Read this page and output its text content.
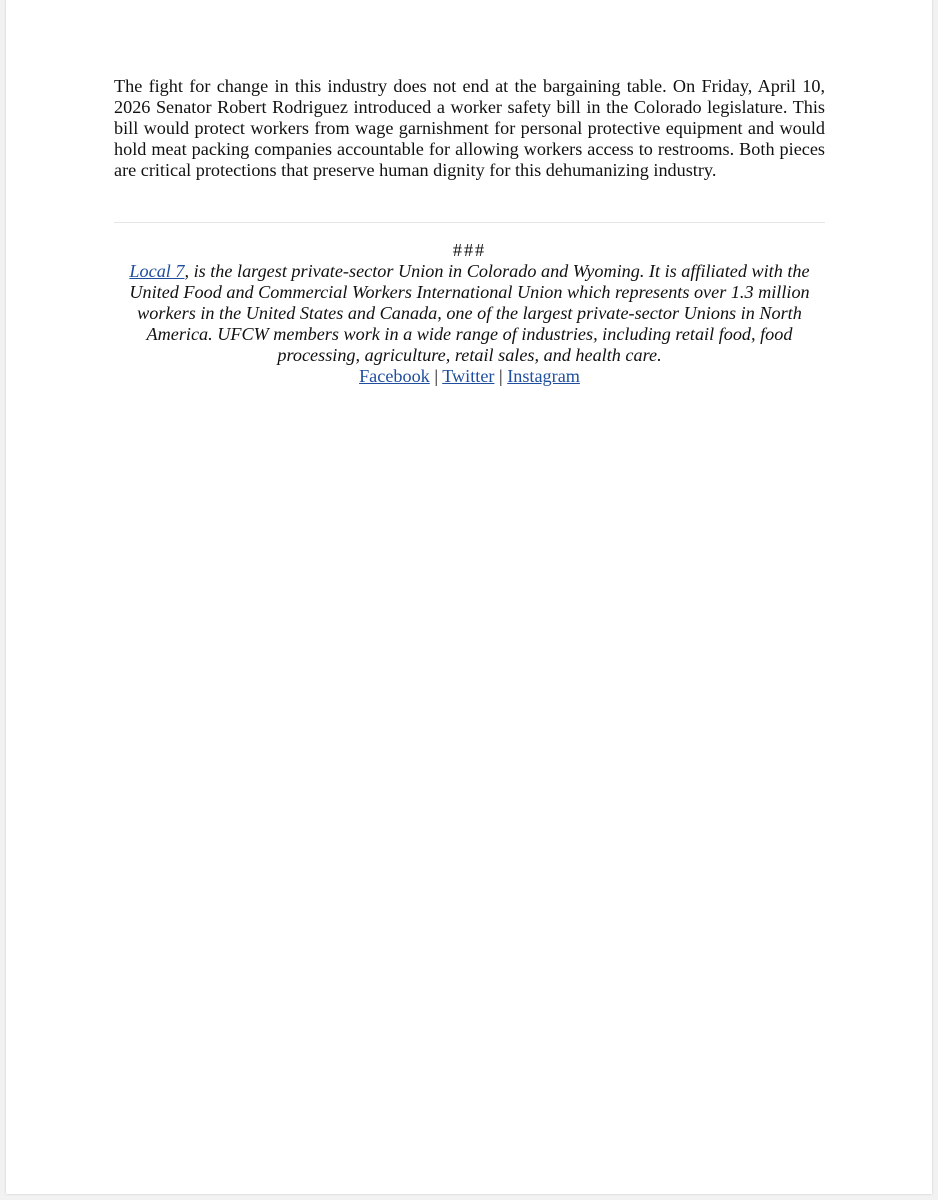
The fight for change in this industry does not end at the bargaining table. On Friday, April 10, 2026 Senator Robert Rodriguez introduced a worker safety bill in the Colorado legislature. This bill would protect workers from wage garnishment for personal protective equipment and would hold meat packing companies accountable for allowing workers access to restrooms. Both pieces are critical protections that preserve human dignity for this dehumanizing industry.

###

Local 7, is the largest private-sector Union in Colorado and Wyoming. It is affiliated with the United Food and Commercial Workers International Union which represents over 1.3 million workers in the United States and Canada, one of the largest private-sector Unions in North America. UFCW members work in a wide range of industries, including retail food, food processing, agriculture, retail sales, and health care.

Facebook | Twitter | Instagram
